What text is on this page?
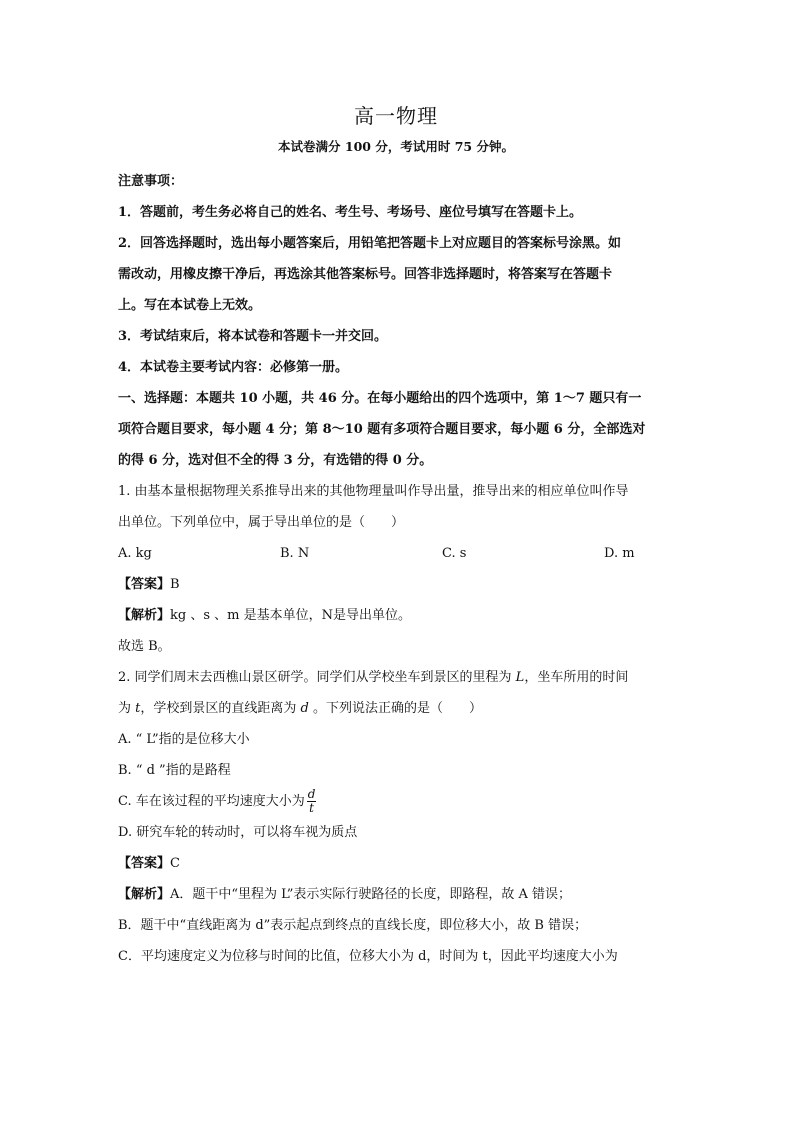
高一物理
本试卷满分 100 分，考试用时 75 分钟。
注意事项：
1．答题前，考生务必将自己的姓名、考生号、考场号、座位号填写在答题卡上。
2．回答选择题时，选出每小题答案后，用铅笔把答题卡上对应题目的答案标号涂黑。如
需改动，用橡皮擦干净后，再选涂其他答案标号。回答非选择题时，将答案写在答题卡
上。写在本试卷上无效。
3．考试结束后，将本试卷和答题卡一并交回。
4．本试卷主要考试内容：必修第一册。
一、选择题：本题共 10 小题，共 46 分。在每小题给出的四个选项中，第 1～7 题只有一
项符合题目要求，每小题 4 分；第 8～10 题有多项符合题目要求，每小题 6 分，全部选对
的得 6 分，选对但不全的得 3 分，有选错的得 0 分。
1. 由基本量根据物理关系推导出来的其他物理量叫作导出量，推导出来的相应单位叫作导
出单位。下列单位中，属于导出单位的是（　　）
A. kg	B. N	C. s	D. m
【答案】B
【解析】kg 、s 、m 是基本单位，N是导出单位。
故选 B。
2. 同学们周末去西樵山景区研学。同学们从学校坐车到景区的里程为 L，坐车所用的时间
为 t，学校到景区的直线距离为 d 。下列说法正确的是（　　）
A. “ L”指的是位移大小
B. “ d ”指的是路程
C. 车在该过程的平均速度大小为 $\frac{d}{t}$
D. 研究车轮的转动时，可以将车视为质点
【答案】C
【解析】A．题干中“里程为 L”表示实际行驶路径的长度，即路程，故 A 错误；
B．题干中“直线距离为 d”表示起点到终点的直线长度，即位移大小，故 B 错误；
C．平均速度定义为位移与时间的比值，位移大小为 d，时间为 t，因此平均速度大小为
